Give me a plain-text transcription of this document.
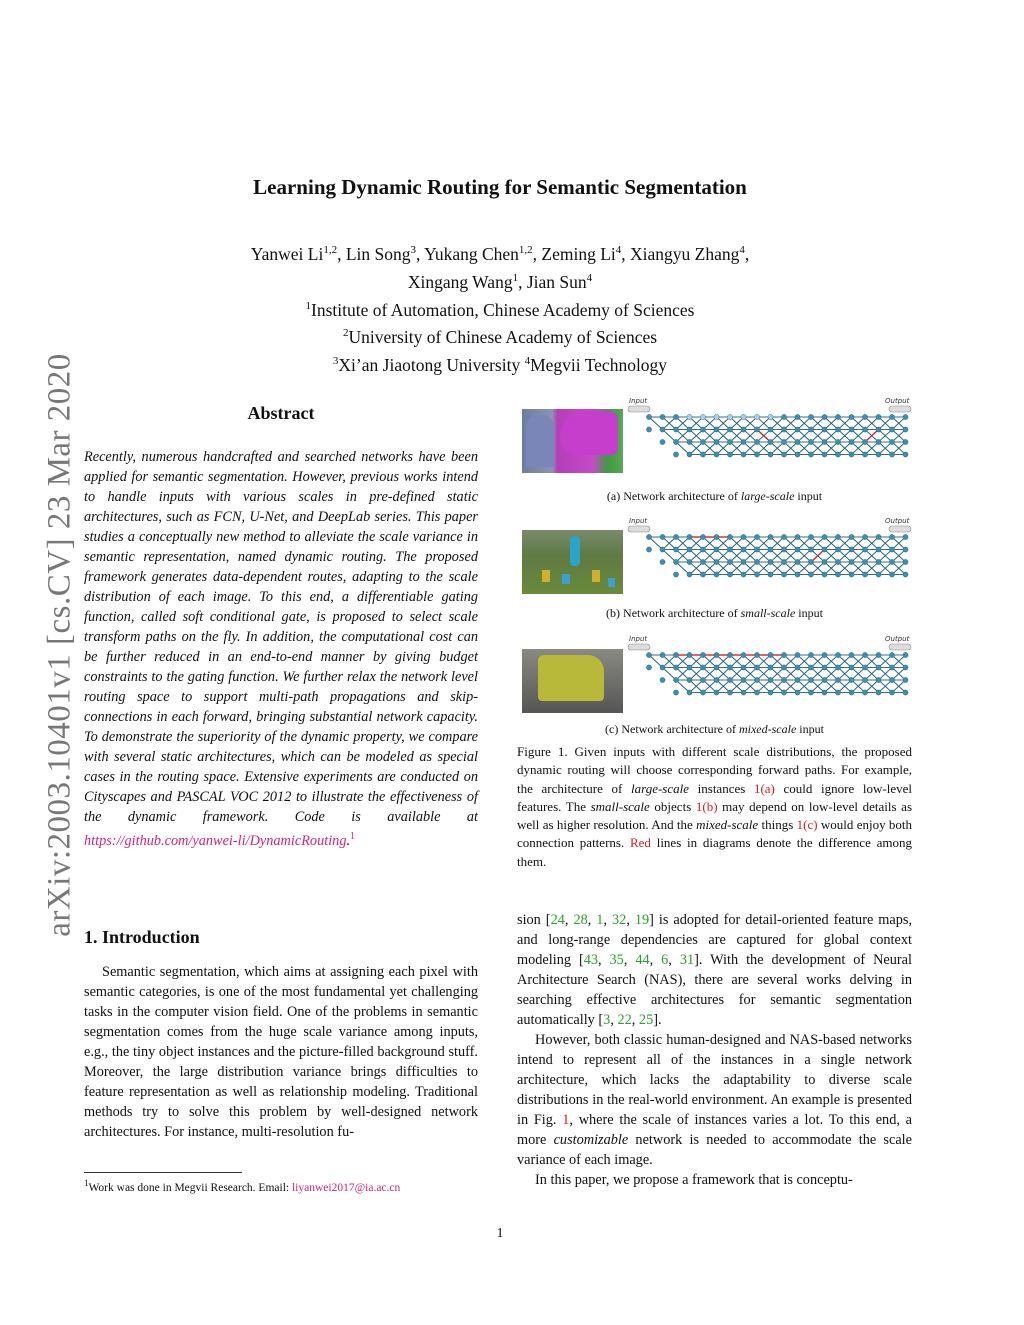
arXiv:2003.10401v1 [cs.CV] 23 Mar 2020
Learning Dynamic Routing for Semantic Segmentation
Yanwei Li$^{1,2}$, Lin Song$^3$, Yukang Chen$^{1,2}$, Zeming Li$^4$, Xiangyu Zhang$^4$,
Xingang Wang$^1$, Jian Sun$^4$
$^1$Institute of Automation, Chinese Academy of Sciences
$^2$University of Chinese Academy of Sciences
$^3$Xi’an Jiaotong University $^4$Megvii Technology
Abstract
Recently, numerous handcrafted and searched networks have been applied for semantic segmentation. However, previous works intend to handle inputs with various scales in pre-defined static architectures, such as FCN, U-Net, and DeepLab series. This paper studies a conceptually new method to alleviate the scale variance in semantic representation, named dynamic routing. The proposed framework generates data-dependent routes, adapting to the scale distribution of each image. To this end, a differentiable gating function, called soft conditional gate, is proposed to select scale transform paths on the fly. In addition, the computational cost can be further reduced in an end-to-end manner by giving budget constraints to the gating function. We further relax the network level routing space to support multi-path propagations and skip-connections in each forward, bringing substantial network capacity. To demonstrate the superiority of the dynamic property, we compare with several static architectures, which can be modeled as special cases in the routing space. Extensive experiments are conducted on Cityscapes and PASCAL VOC 2012 to illustrate the effectiveness of the dynamic framework. Code is available at https://github.com/yanwei-li/DynamicRouting.$^1$
1. Introduction

Semantic segmentation, which aims at assigning each pixel with semantic categories, is one of the most fundamental yet challenging tasks in the computer vision field. One of the problems in semantic segmentation comes from the huge scale variance among inputs, e.g., the tiny object instances and the picture-filled background stuff. Moreover, the large distribution variance brings difficulties to feature representation as well as relationship modeling. Traditional methods try to solve this problem by well-designed network architectures. For instance, multi-resolution fu-

$^1$Work was done in Megvii Research. Email: liyanwei2017@ia.ac.cn
Input	Output
Input	Output
Input	Output
(a) Network architecture of large-scale input
(b) Network architecture of small-scale input
(c) Network architecture of mixed-scale input
Figure 1. Given inputs with different scale distributions, the proposed dynamic routing will choose corresponding forward paths. For example, the architecture of large-scale instances 1(a) could ignore low-level features. The small-scale objects 1(b) may depend on low-level details as well as higher resolution. And the mixed-scale things 1(c) would enjoy both connection patterns. Red lines in diagrams denote the difference among them.

sion [24, 28, 1, 32, 19] is adopted for detail-oriented feature maps, and long-range dependencies are captured for global context modeling [43, 35, 44, 6, 31]. With the development of Neural Architecture Search (NAS), there are several works delving in searching effective architectures for semantic segmentation automatically [3, 22, 25].

However, both classic human-designed and NAS-based networks intend to represent all of the instances in a single network architecture, which lacks the adaptability to diverse scale distributions in the real-world environment. An example is presented in Fig. 1, where the scale of instances varies a lot. To this end, a more customizable network is needed to accommodate the scale variance of each image.

In this paper, we propose a framework that is conceptu-

1
